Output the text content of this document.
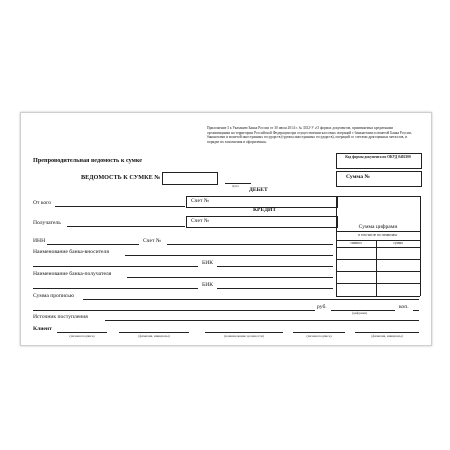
Приложение 3 к Указанию Банка России от 30 июля 2014 г. № 3352-У «О формах документов, применяемых кредитными организациями на территории Российской Федерации при осуществлении кассовых операций с банкнотами и монетой Банка России, банкнотами и монетой иностранных государств (группы иностранных государств), операций со счетами драгоценных металлов, и порядке их заполнения и оформления»
Препроводительная ведомость к сумке	Код формы документа по ОКУД 0402300
ВЕДОМОСТЬ К СУМКЕ №
Дата
Сумма №
ДЕБЕТ
От кого	Счет №
КРЕДИТ
Получатель	Счет №
Сумма цифрами
в том числе по символам:
символ	сумма
ИНН	Счет №
Наименование банка-вносителя
БИК
Наименование банка-получателя
БИК
Сумма прописью
руб.
(цифрами)
коп.
Источник поступления
Клиент
(личная подпись)	(фамилия, инициалы)	(наименование должности)	(личная подпись)	(фамилия, инициалы)
